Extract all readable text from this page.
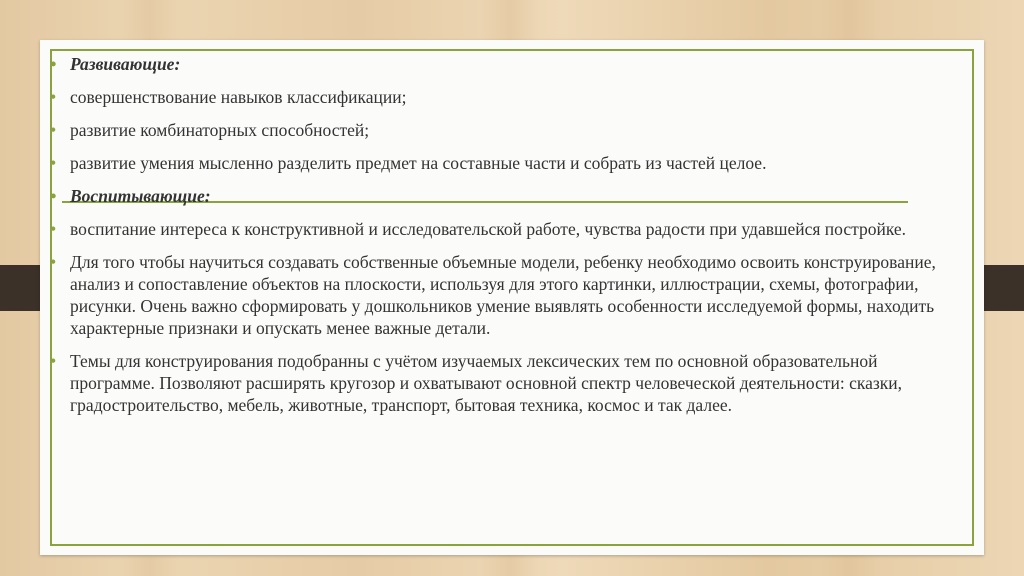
• Развивающие:
• совершенствование навыков классификации;
• развитие комбинаторных способностей;
• развитие умения мысленно разделить предмет на составные части и собрать из частей целое.
• Воспитывающие:
• воспитание интереса к конструктивной и исследовательской работе, чувства радости при удавшейся постройке.
• Для того чтобы научиться создавать собственные объемные модели, ребенку необходимо освоить конструирование, анализ и сопоставление объектов на плоскости, используя для этого картинки, иллюстрации, схемы, фотографии, рисунки. Очень важно сформировать у дошкольников умение выявлять особенности исследуемой формы, находить характерные признаки и опускать менее важные детали.
• Темы для конструирования подобранны с учётом изучаемых лексических тем по основной образовательной программе. Позволяют расширять кругозор и охватывают основной спектр человеческой деятельности: сказки, градостроительство, мебель, животные, транспорт, бытовая техника, космос и так далее.
